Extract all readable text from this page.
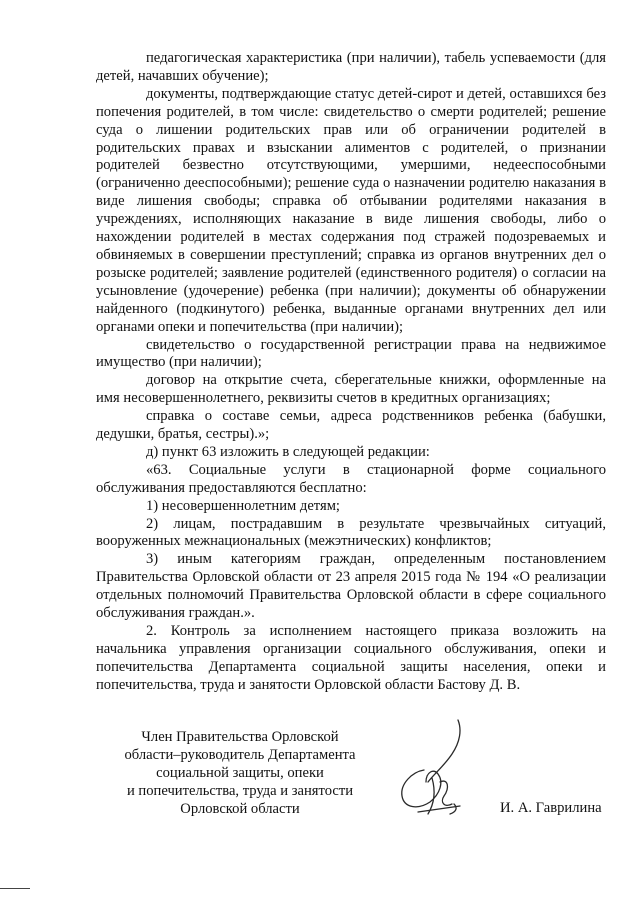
педагогическая характеристика (при наличии), табель успеваемости (для детей, начавших обучение);

документы, подтверждающие статус детей-сирот и детей, оставшихся без попечения родителей, в том числе: свидетельство о смерти родителей; решение суда о лишении родительских прав или об ограничении родителей в родительских правах и взыскании алиментов с родителей, о признании родителей безвестно отсутствующими, умершими, недееспособными (ограниченно дееспособными); решение суда о назначении родителю наказания в виде лишения свободы; справка об отбывании родителями наказания в учреждениях, исполняющих наказание в виде лишения свободы, либо о нахождении родителей в местах содержания под стражей подозреваемых и обвиняемых в совершении преступлений; справка из органов внутренних дел о розыске родителей; заявление родителей (единственного родителя) о согласии на усыновление (удочерение) ребенка (при наличии); документы об обнаружении найденного (подкинутого) ребенка, выданные органами внутренних дел или органами опеки и попечительства (при наличии);

свидетельство о государственной регистрации права на недвижимое имущество (при наличии);

договор на открытие счета, сберегательные книжки, оформленные на имя несовершеннолетнего, реквизиты счетов в кредитных организациях;

справка о составе семьи, адреса родственников ребенка (бабушки, дедушки, братья, сестры).»;

д) пункт 63 изложить в следующей редакции:

«63. Социальные услуги в стационарной форме социального обслуживания предоставляются бесплатно:

1) несовершеннолетним детям;

2) лицам, пострадавшим в результате чрезвычайных ситуаций, вооруженных межнациональных (межэтнических) конфликтов;

3) иным категориям граждан, определенным постановлением Правительства Орловской области от 23 апреля 2015 года № 194 «О реализации отдельных полномочий Правительства Орловской области в сфере социального обслуживания граждан.».

2. Контроль за исполнением настоящего приказа возложить на начальника управления организации социального обслуживания, опеки и попечительства Департамента социальной защиты населения, опеки и попечительства, труда и занятости Орловской области Бастову Д. В.

Член Правительства Орловской
области–руководитель Департамента
социальной защиты, опеки
и попечительства, труда и занятости
Орловской области	И. А. Гаврилина
